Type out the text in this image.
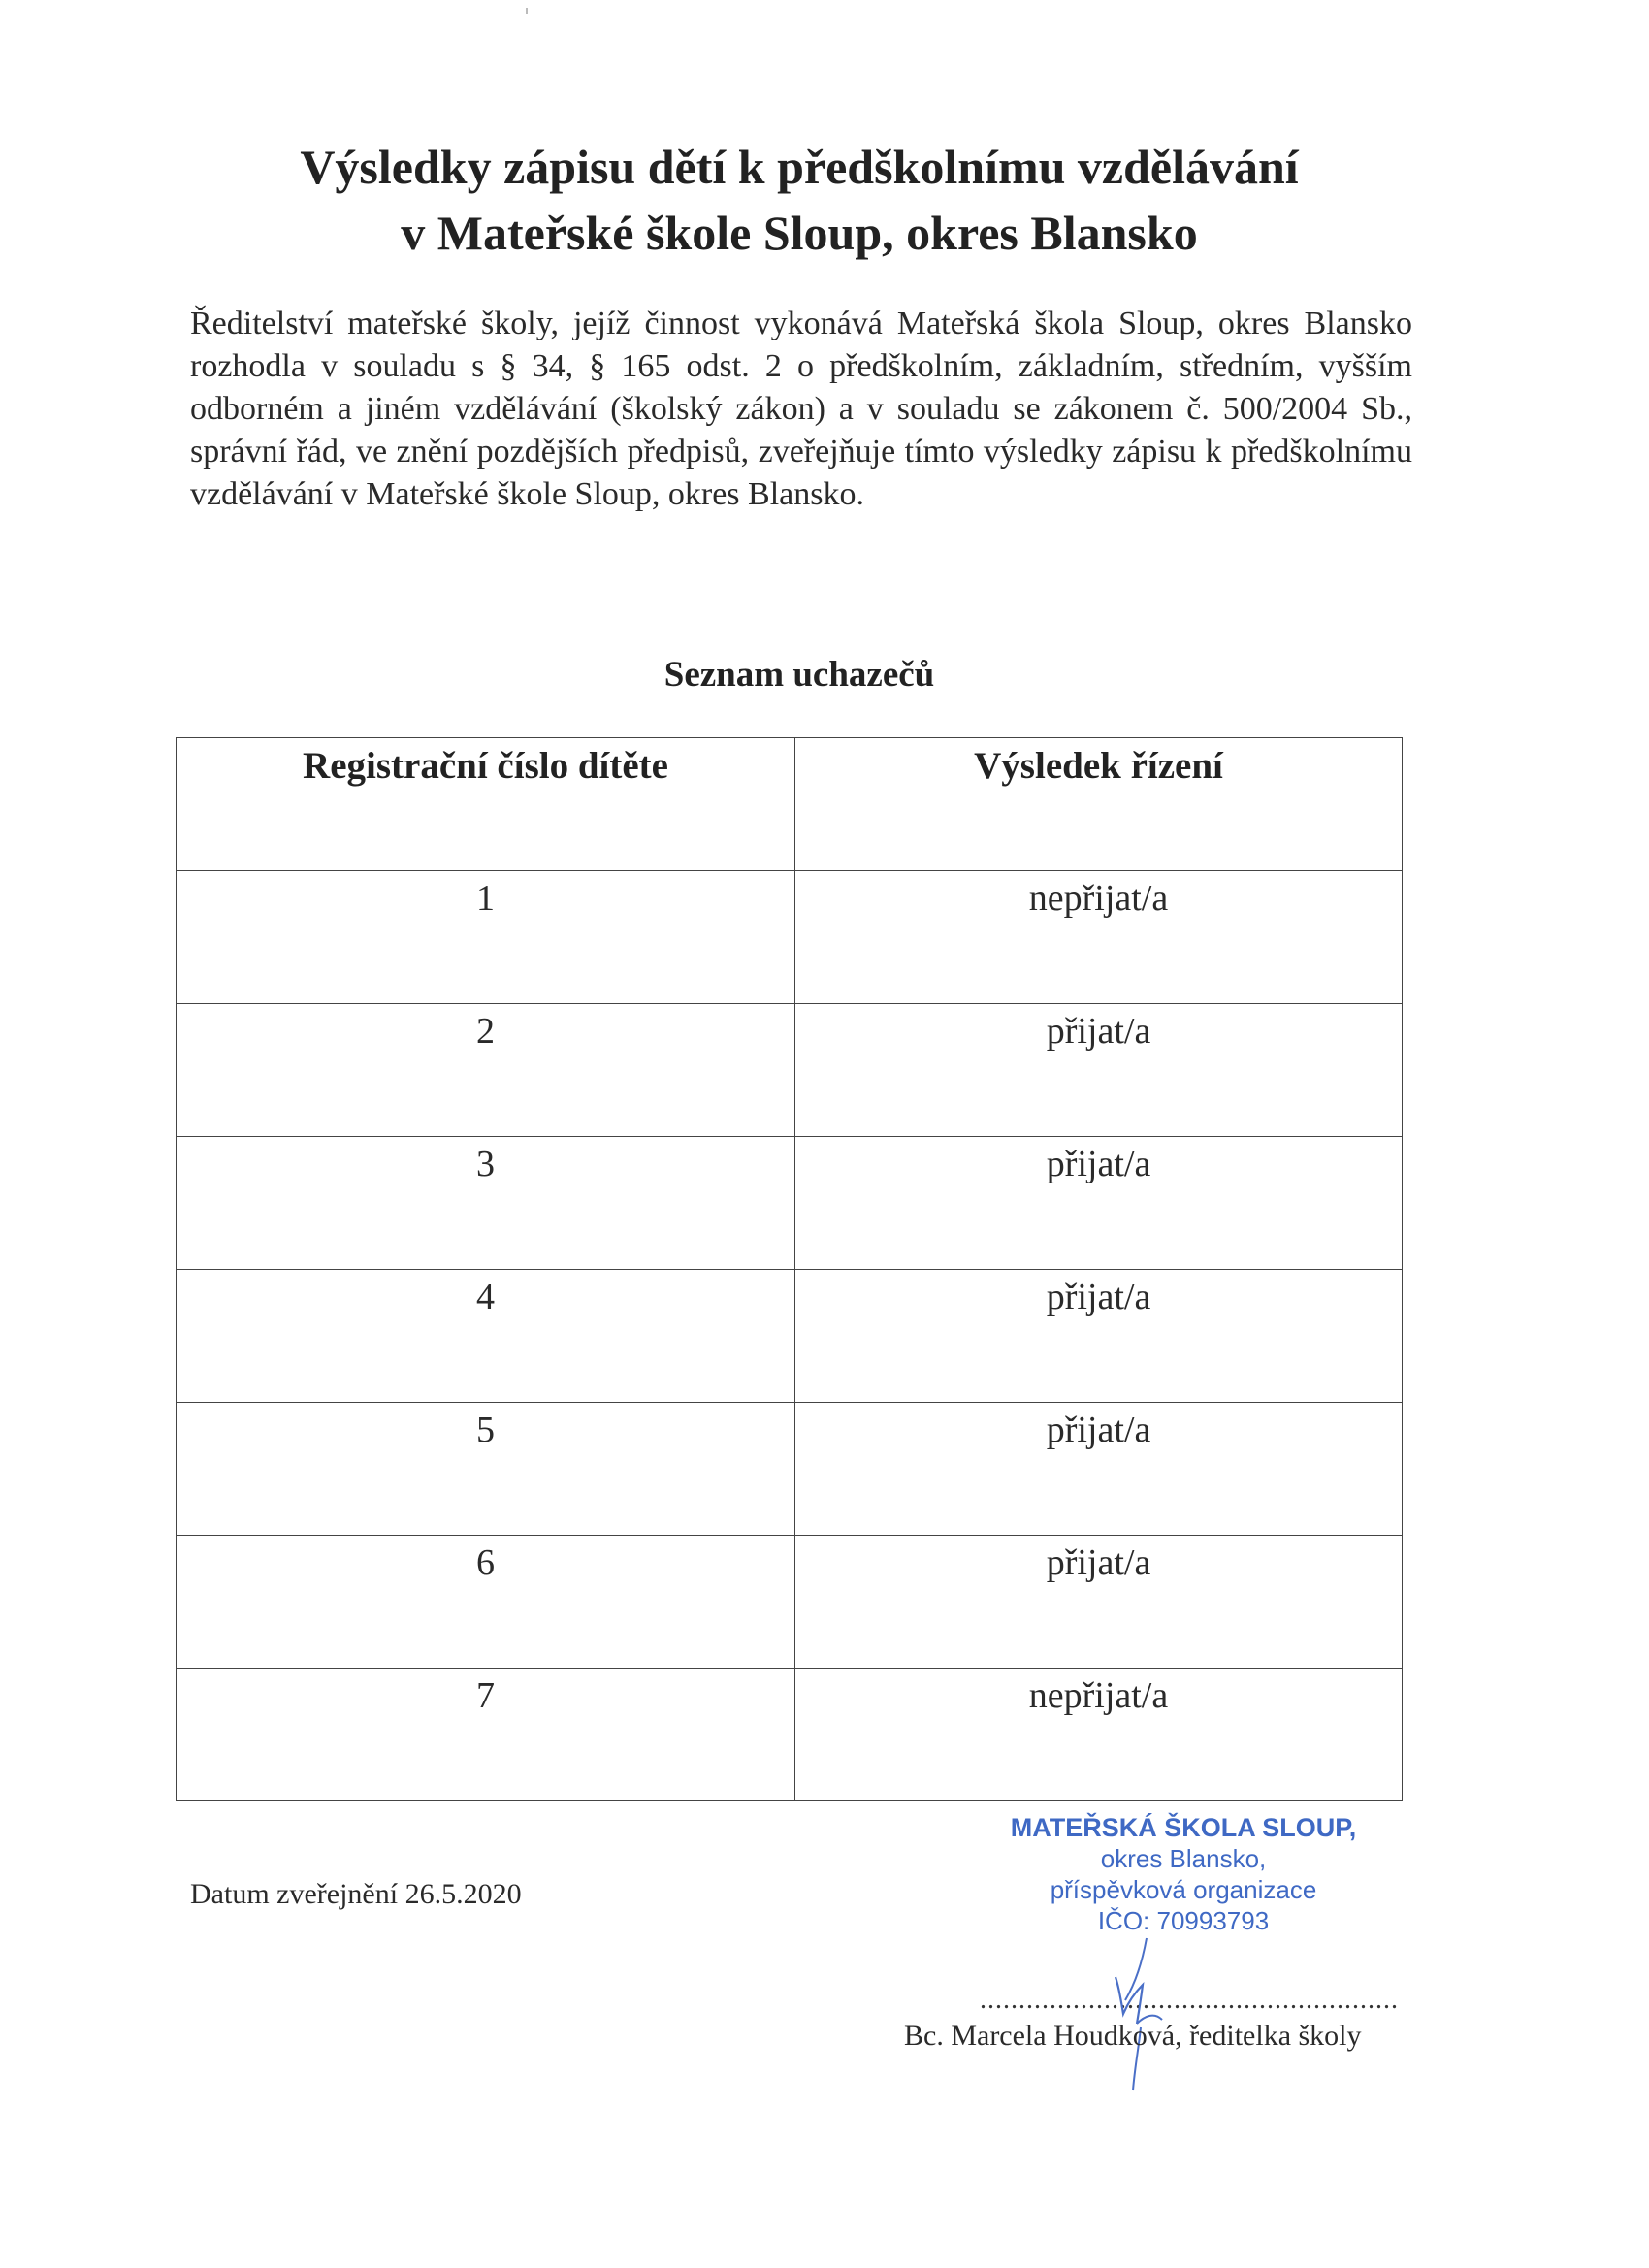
Výsledky zápisu dětí k předškolnímu vzdělávání
v Mateřské škole Sloup, okres Blansko
Ředitelství mateřské školy, jejíž činnost vykonává Mateřská škola Sloup, okres Blansko rozhodla v souladu s § 34, § 165 odst. 2 o předškolním, základním, středním, vyšším odborném a jiném vzdělávání (školský zákon) a v souladu se zákonem č. 500/2004 Sb., správní řád, ve znění pozdějších předpisů, zveřejňuje tímto výsledky zápisu k předškolnímu vzdělávání v Mateřské škole Sloup, okres Blansko.
Seznam uchazečů
Registrační číslo dítěte	Výsledek řízení
1	nepřijat/a
2	přijat/a
3	přijat/a
4	přijat/a
5	přijat/a
6	přijat/a
7	nepřijat/a
Datum zveřejnění 26.5.2020
MATEŘSKÁ ŠKOLA SLOUP,
okres Blansko,
příspěvková organizace
IČO: 70993793
......................................................
Bc. Marcela Houdková, ředitelka školy
